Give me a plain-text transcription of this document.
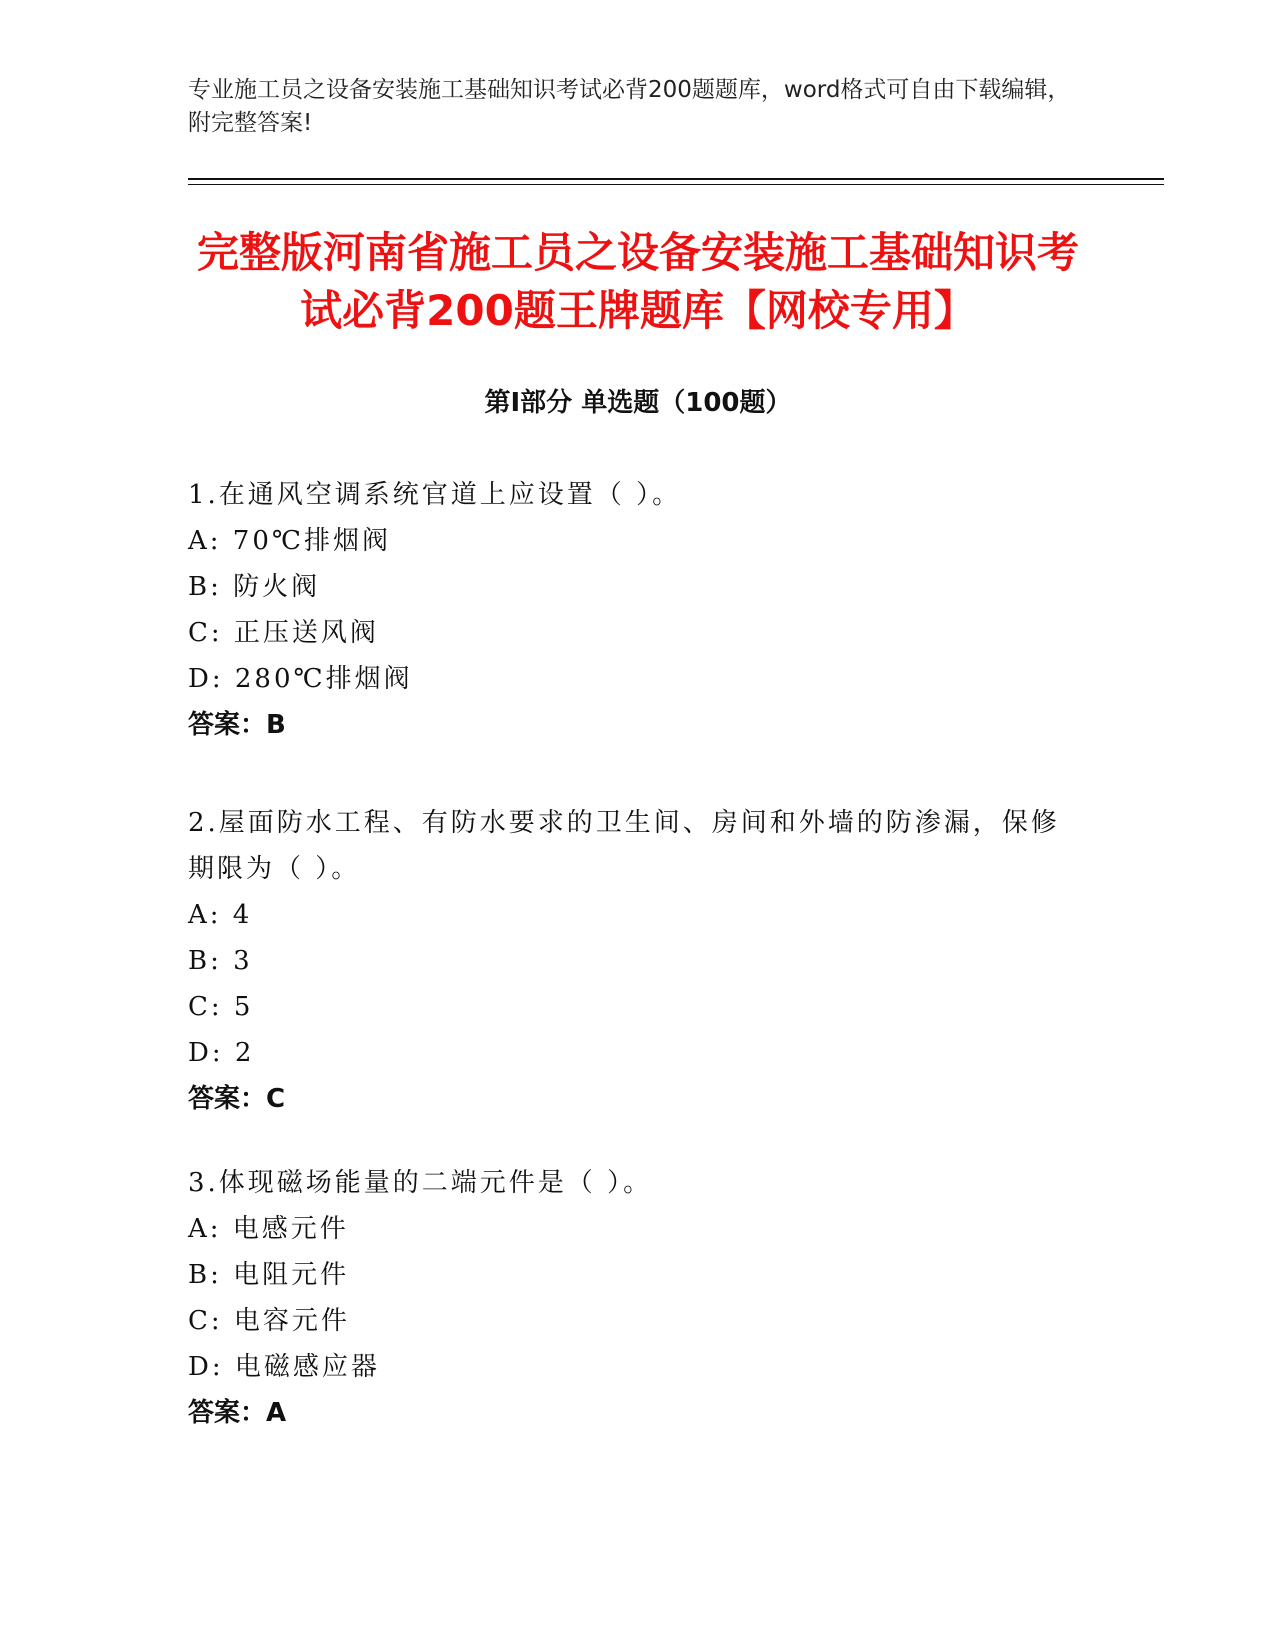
专业施工员之设备安装施工基础知识考试必背200题题库，word格式可自由下载编辑，附完整答案!
完整版河南省施工员之设备安装施工基础知识考试必背200题王牌题库【网校专用】
第I部分 单选题（100题）

1.在通风空调系统官道上应设置（ ）。

A: 70℃排烟阀

B: 防火阀

C: 正压送风阀

D: 280℃排烟阀

答案：B

2.屋面防水工程、有防水要求的卫生间、房间和外墙的防渗漏，保修期限为（ ）。

A: 4

B: 3

C: 5

D: 2

答案：C

3.体现磁场能量的二端元件是（ ）。

A: 电感元件

B: 电阻元件

C: 电容元件

D: 电磁感应器

答案：A
